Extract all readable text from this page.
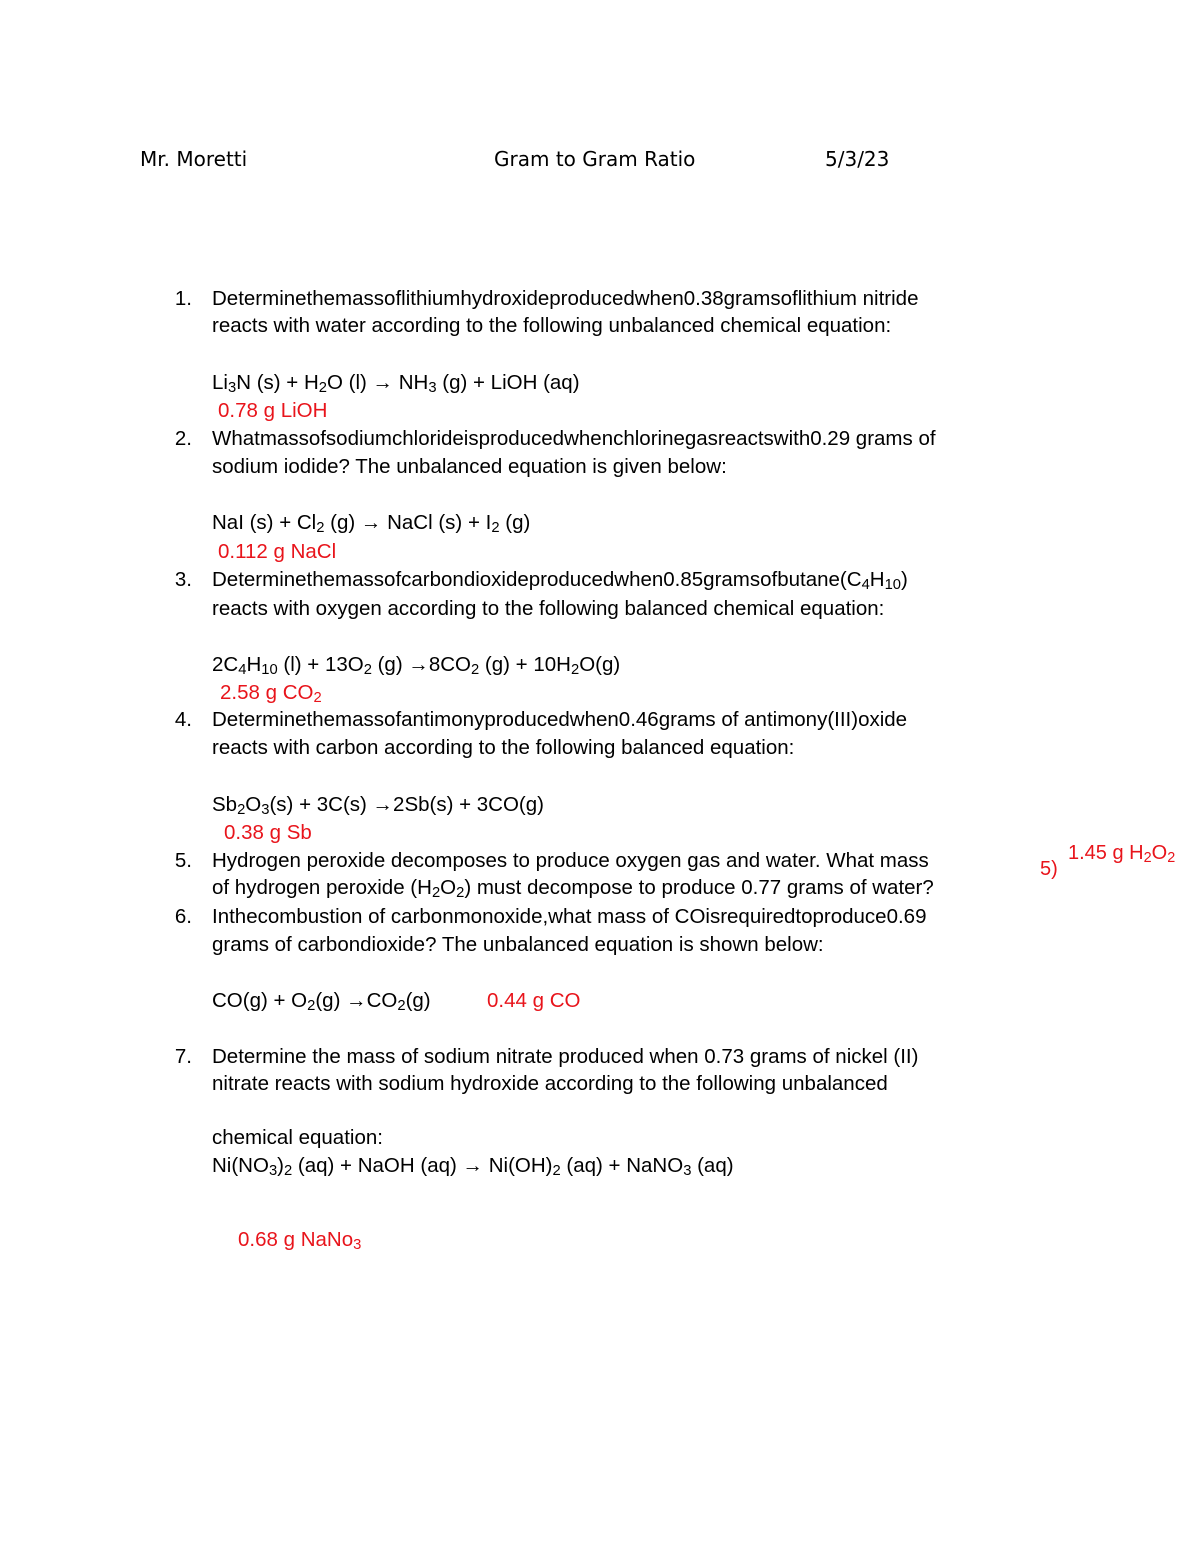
Mr. Moretti	Gram to Gram Ratio	5/3/23
1. Determinethemassoflithiumhydroxideproducedwhen0.38gramsoflithium nitride
reacts with water according to the following unbalanced chemical equation:
$Li_3N$ $(s) + H_2O$ $(l) \to NH_3$ (g) + LiOH (aq)
0.78 g LiOH
2. Whatmassofsodiumchlorideisproducedwhenchlorinegasreactswith0.29 grams of
sodium iodide? The unbalanced equation is given below:
NaI $(s) + Cl_2$ (g) → NaCl $(s) + I_2$ (g)
0.112 g NaCl
3. $Determinethemassofcarbondioxideproducedwhen0.85gramsofbutane(C_4H_{10})$
reacts with oxygen according to the following balanced chemical equation:
$2C_4H_{10}$ $(l) + 13O_2$ $(g) \to 8CO_2$ $(g) + 10H_2O(g)$
2.58 g $CO_2$
4. Determinethemassofantimonyproducedwhen0.46grams of antimony(III)oxide
reacts with carbon according to the following balanced equation:
$Sb_2O_3(s) + 3C(s) \to 2Sb(s) + 3CO(g)$
0.38 g Sb
5. Hydrogen peroxide decomposes to produce oxygen gas and water. What mass
of hydrogen peroxide $(H_2O_2)$ must decompose to produce 0.77 grams of water?
5)
1.45 g $H_2O_2$
6. Inthecombustion of carbonmonoxide,what mass of COisrequiredtoproduce0.69
grams of carbondioxide? The unbalanced equation is shown below:
$CO(g) + O_2(g) \to CO_2(g)$	0.44 g CO
7. Determine the mass of sodium nitrate produced when 0.73 grams of nickel (II)
nitrate reacts with sodium hydroxide according to the following unbalanced
chemical equation:
$Ni(NO_3)_2$ (aq) + NaOH $(aq) \to Ni(OH)_2$ (aq) + NaNO$_3$ (aq)
0.68 g NaNo$_3$
